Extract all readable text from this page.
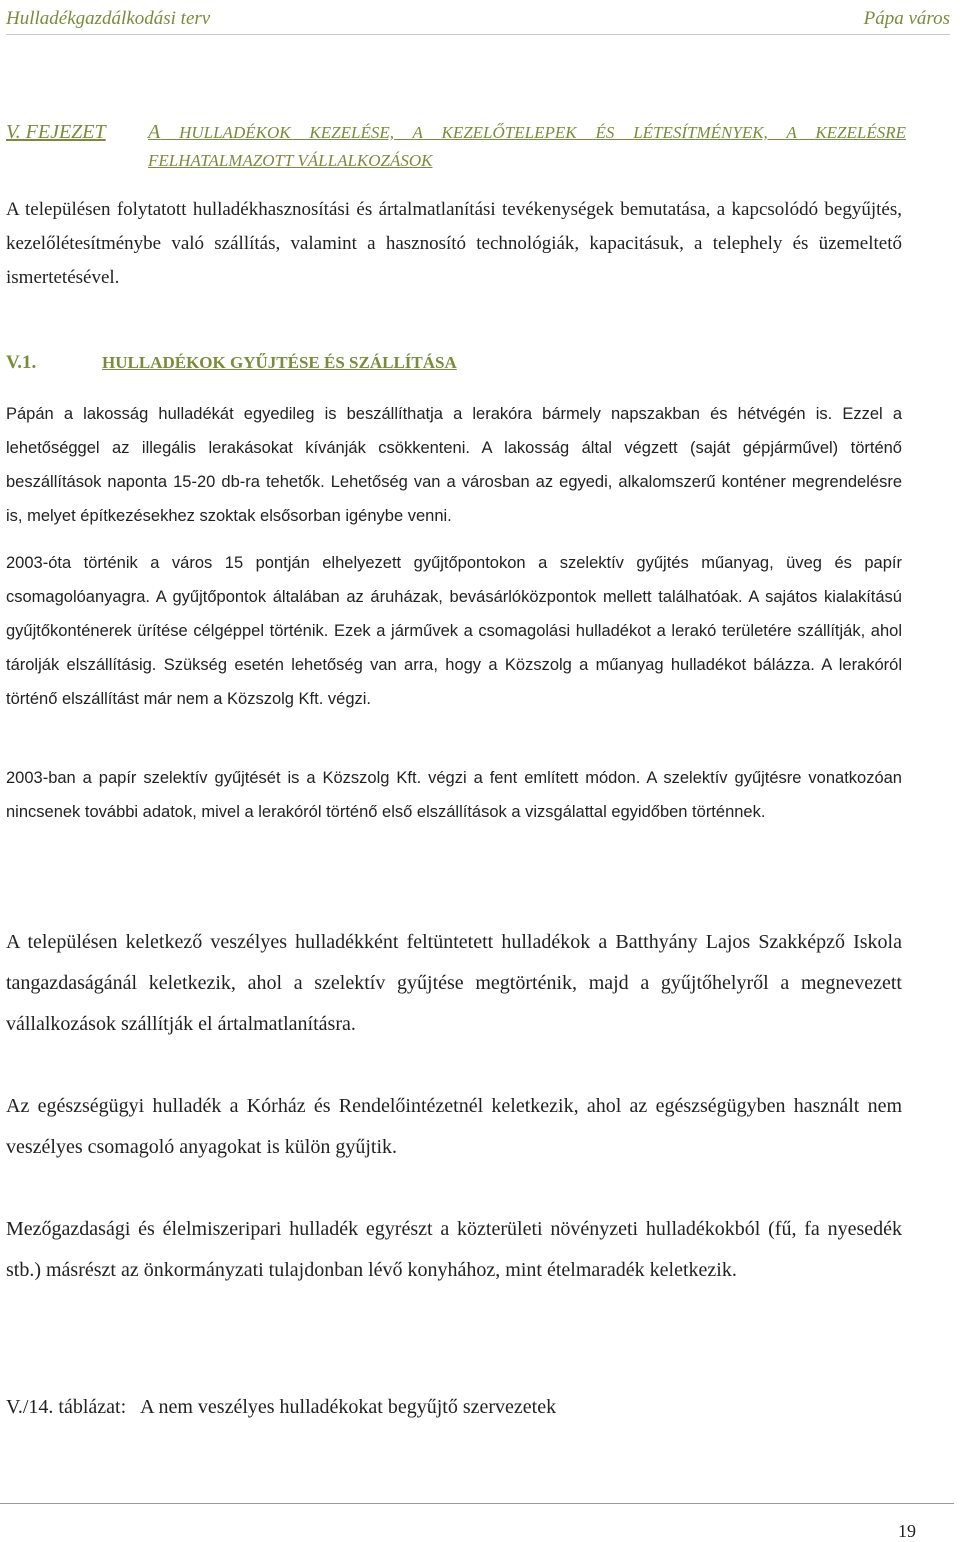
Hulladékgazdálkodási terv	Pápa város
V. FEJEZET A HULLADÉKOK KEZELÉSE, A KEZELŐTELEPEK ÉS LÉTESÍTMÉNYEK, A KEZELÉSRE FELHATALMAZOTT VÁLLALKOZÁSOK

A településen folytatott hulladékhasznosítási és ártalmatlanítási tevékenységek bemutatása, a kapcsolódó begyűjtés, kezelőlétesítménybe való szállítás, valamint a hasznosító technológiák, kapacitásuk, a telephely és üzemeltető ismertetésével.

V.1.	HULLADÉKOK GYŰJTÉSE ÉS SZÁLLÍTÁSA

Pápán a lakosság hulladékát egyedileg is beszállíthatja a lerakóra bármely napszakban és hétvégén is. Ezzel a lehetőséggel az illegális lerakásokat kívánják csökkenteni. A lakosság által végzett (saját gépjárművel) történő beszállítások naponta 15-20 db-ra tehetők. Lehetőség van a városban az egyedi, alkalomszerű konténer megrendelésre is, melyet építkezésekhez szoktak elsősorban igénybe venni.

2003-óta történik a város 15 pontján elhelyezett gyűjtőpontokon a szelektív gyűjtés műanyag, üveg és papír csomagolóanyagra. A gyűjtőpontok általában az áruházak, bevásárlóközpontok mellett találhatóak. A sajátos kialakítású gyűjtőkonténerek ürítése célgéppel történik. Ezek a járművek a csomagolási hulladékot a lerakó területére szállítják, ahol tárolják elszállításig. Szükség esetén lehetőség van arra, hogy a Közszolg a műanyag hulladékot bálázza. A lerakóról történő elszállítást már nem a Közszolg Kft. végzi.

2003-ban a papír szelektív gyűjtését is a Közszolg Kft. végzi a fent említett módon. A szelektív gyűjtésre vonatkozóan nincsenek további adatok, mivel a lerakóról történő első elszállítások a vizsgálattal egyidőben történnek.

A településen keletkező veszélyes hulladékként feltüntetett hulladékok a Batthyány Lajos Szakképző Iskola tangazdaságánál keletkezik, ahol a szelektív gyűjtése megtörténik, majd a gyűjtőhelyről a megnevezett vállalkozások szállítják el ártalmatlanításra.

Az egészségügyi hulladék a Kórház és Rendelőintézetnél keletkezik, ahol az egészségügyben használt nem veszélyes csomagoló anyagokat is külön gyűjtik.

Mezőgazdasági és élelmiszeripari hulladék egyrészt a közterületi növényzeti hulladékokból (fű, fa nyesedék stb.) másrészt az önkormányzati tulajdonban lévő konyhához, mint ételmaradék keletkezik.

V./14. táblázat: A nem veszélyes hulladékokat begyűjtő szervezetek
19
